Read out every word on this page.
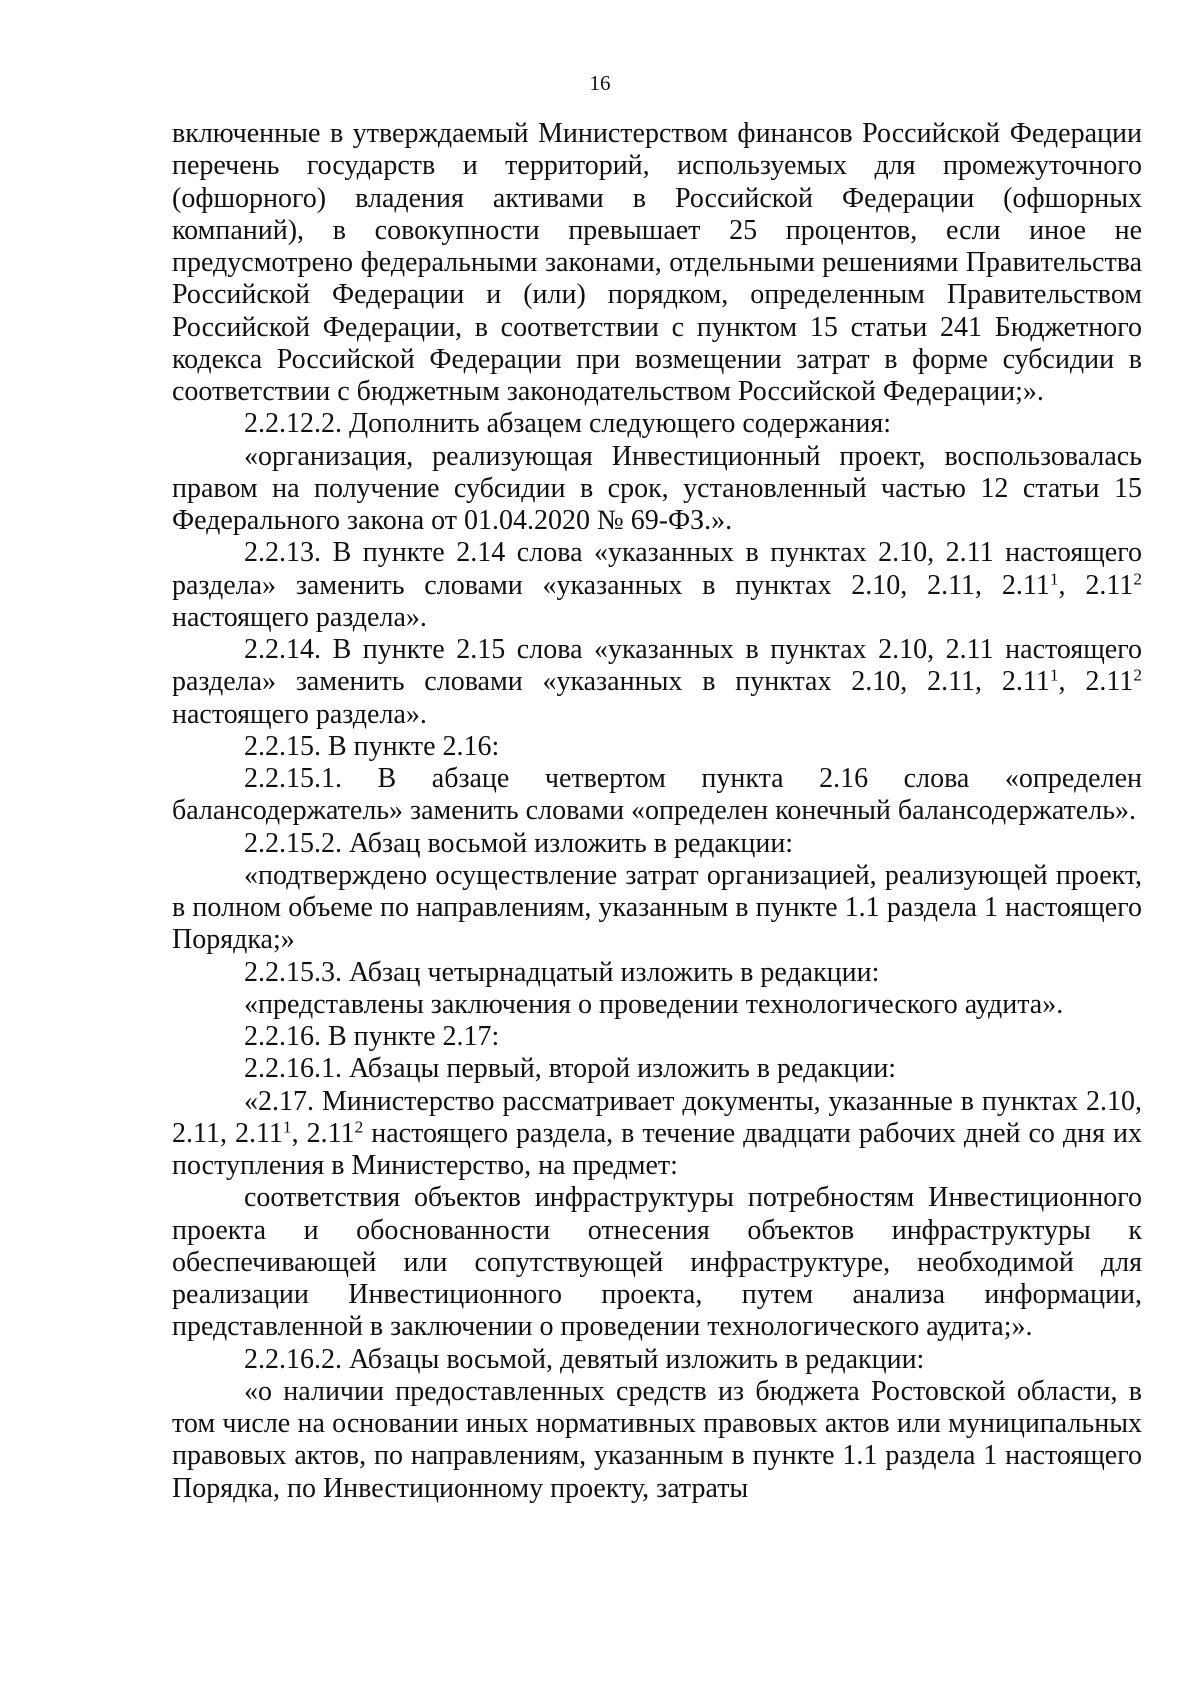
16

включенные в утверждаемый Министерством финансов Российской Федерации перечень государств и территорий, используемых для промежуточного (офшорного) владения активами в Российской Федерации (офшорных компаний), в совокупности превышает 25 процентов, если иное не предусмотрено федеральными законами, отдельными решениями Правительства Российской Федерации и (или) порядком, определенным Правительством Российской Федерации, в соответствии с пунктом 15 статьи 241 Бюджетного кодекса Российской Федерации при возмещении затрат в форме субсидии в соответствии с бюджетным законодательством Российской Федерации;».

2.2.12.2. Дополнить абзацем следующего содержания:

«организация, реализующая Инвестиционный проект, воспользовалась правом на получение субсидии в срок, установленный частью 12 статьи 15 Федерального закона от 01.04.2020 № 69-ФЗ.».

2.2.13. В пункте 2.14 слова «указанных в пунктах 2.10, 2.11 настоящего раздела» заменить словами «указанных в пунктах 2.10, 2.11, 2.11$^1$, 2.11$^2$ настоящего раздела».

2.2.14. В пункте 2.15 слова «указанных в пунктах 2.10, 2.11 настоящего раздела» заменить словами «указанных в пунктах 2.10, 2.11, 2.11$^1$, 2.11$^2$ настоящего раздела».

2.2.15. В пункте 2.16:

2.2.15.1. В абзаце четвертом пункта 2.16 слова «определен балансодержатель» заменить словами «определен конечный балансодержатель».

2.2.15.2. Абзац восьмой изложить в редакции:

«подтверждено осуществление затрат организацией, реализующей проект, в полном объеме по направлениям, указанным в пункте 1.1 раздела 1 настоящего Порядка;»

2.2.15.3. Абзац четырнадцатый изложить в редакции:

«представлены заключения о проведении технологического аудита».

2.2.16. В пункте 2.17:

2.2.16.1. Абзацы первый, второй изложить в редакции:

«2.17. Министерство рассматривает документы, указанные в пунктах 2.10, 2.11, 2.11$^1$, 2.11$^2$ настоящего раздела, в течение двадцати рабочих дней со дня их поступления в Министерство, на предмет:

соответствия объектов инфраструктуры потребностям Инвестиционного проекта и обоснованности отнесения объектов инфраструктуры к обеспечивающей или сопутствующей инфраструктуре, необходимой для реализации Инвестиционного проекта, путем анализа информации, представленной в заключении о проведении технологического аудита;».

2.2.16.2. Абзацы восьмой, девятый изложить в редакции:

«о наличии предоставленных средств из бюджета Ростовской области, в том числе на основании иных нормативных правовых актов или муниципальных правовых актов, по направлениям, указанным в пункте 1.1 раздела 1 настоящего Порядка, по Инвестиционному проекту, затраты
